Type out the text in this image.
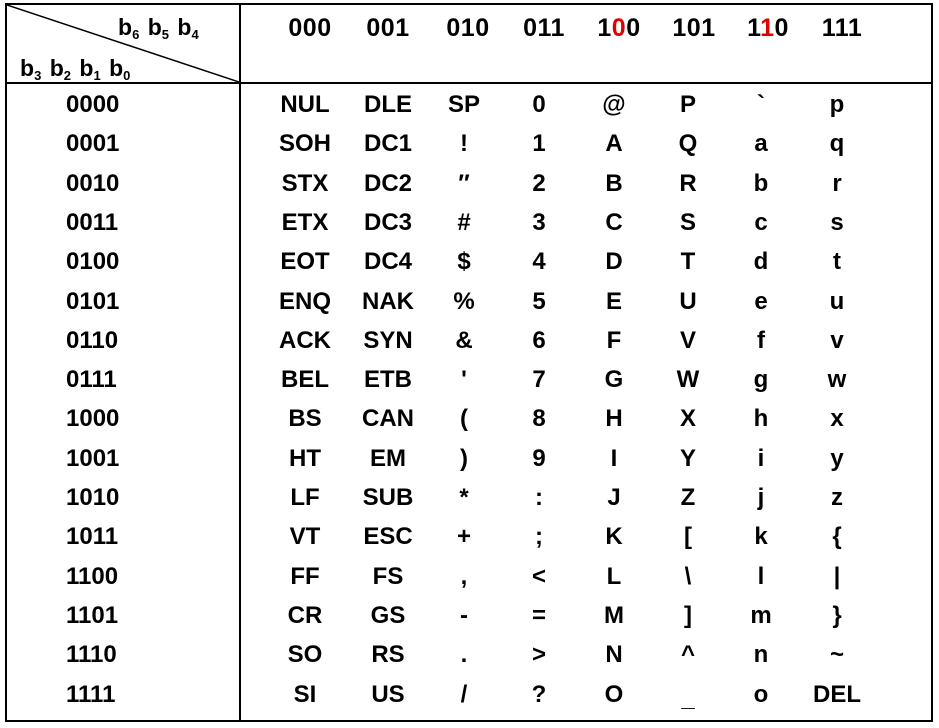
$b_6$ $b_5$ $b_4$
$b_3$ $b_2$ $b_1$ $b_0$
000 001 010 011 100 101 110 111
0000	NUL DLE SP 0 @ P	`	p
0001	SOH DC1 !	1 A Q a	q
0010	STX DC2 ″	2 B R b	r
0011	ETX DC3 #	3 C S c	s
0100	EOT DC4 $	4 D T d	t
0101	ENQ NAK % 5	E U e	u
0110	ACK SYN & 6	F V	f	v
0111	BEL ETB '	7 G W g w
1000	BS CAN (	8 H X h	x
1001	HT EM )	9	I	Y	i	y
1010	LF SUB *	:	J Z	j	z
1011	VT ESC +	;	K	[	k	{
1100	FF FS ,	<	L	\	l	|
1101	CR GS -	= M	] m	}
1110	SO RS .	> N ^ n	~
1111	SI US /	? O _ o DEL
